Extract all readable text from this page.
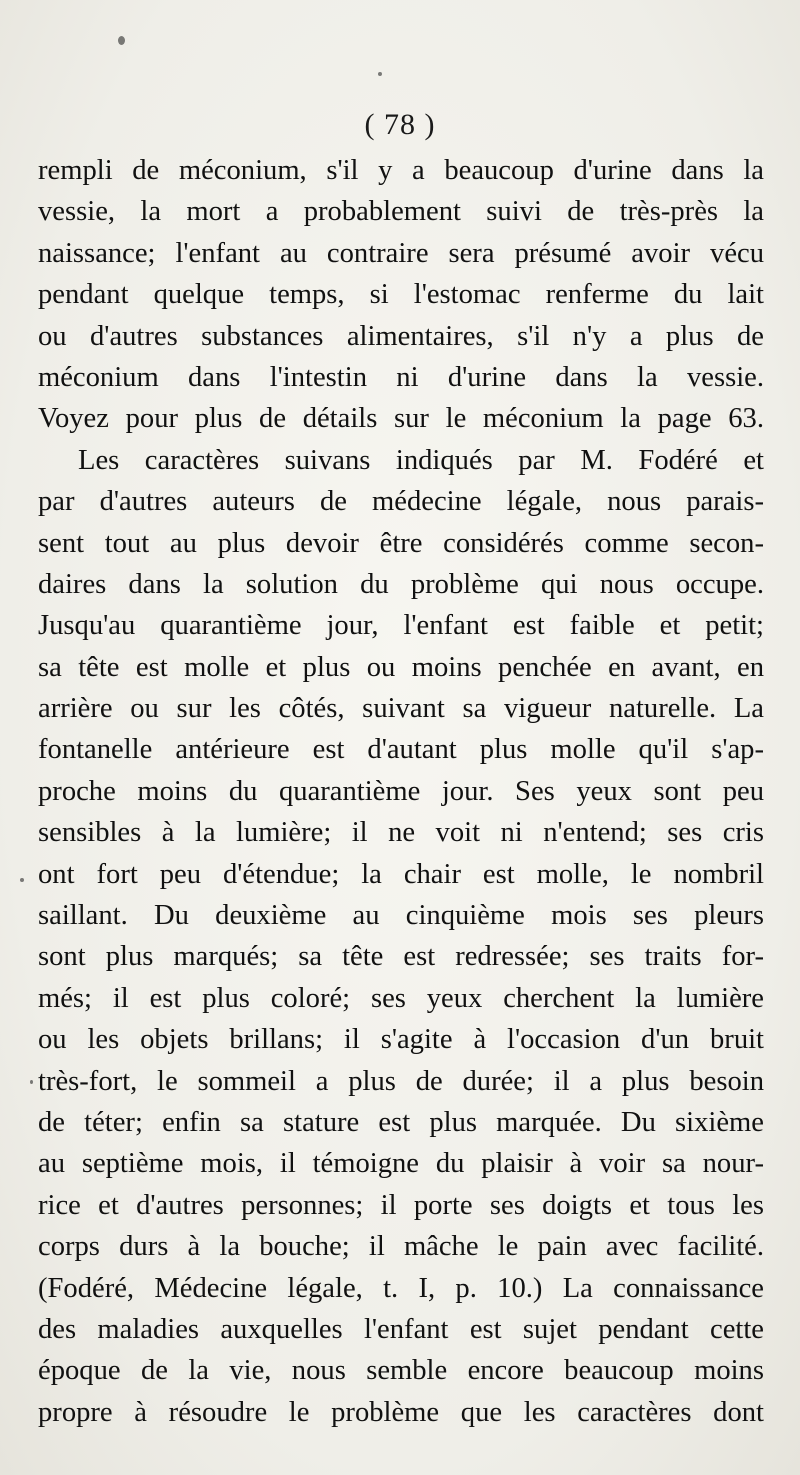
( 78 )
rempli de méconium, s'il y a beaucoup d'urine dans la
vessie, la mort a probablement suivi de très-près la
naissance; l'enfant au contraire sera présumé avoir vécu
pendant quelque temps, si l'estomac renferme du lait
ou d'autres substances alimentaires, s'il n'y a plus de
méconium dans l'intestin ni d'urine dans la vessie.
Voyez pour plus de détails sur le méconium la page 63.
Les caractères suivans indiqués par M. Fodéré et
par d'autres auteurs de médecine légale, nous parais-
sent tout au plus devoir être considérés comme secon-
daires dans la solution du problème qui nous occupe.
Jusqu'au quarantième jour, l'enfant est faible et petit;
sa tête est molle et plus ou moins penchée en avant, en
arrière ou sur les côtés, suivant sa vigueur naturelle. La
fontanelle antérieure est d'autant plus molle qu'il s'ap-
proche moins du quarantième jour. Ses yeux sont peu
sensibles à la lumière; il ne voit ni n'entend; ses cris
ont fort peu d'étendue; la chair est molle, le nombril
saillant. Du deuxième au cinquième mois ses pleurs
sont plus marqués; sa tête est redressée; ses traits for-
més; il est plus coloré; ses yeux cherchent la lumière
ou les objets brillans; il s'agite à l'occasion d'un bruit
très-fort, le sommeil a plus de durée; il a plus besoin
de téter; enfin sa stature est plus marquée. Du sixième
au septième mois, il témoigne du plaisir à voir sa nour-
rice et d'autres personnes; il porte ses doigts et tous les
corps durs à la bouche; il mâche le pain avec facilité.
(Fodéré, Médecine légale, t. I, p. 10.) La connaissance
des maladies auxquelles l'enfant est sujet pendant cette
époque de la vie, nous semble encore beaucoup moins
propre à résoudre le problème que les caractères dont
